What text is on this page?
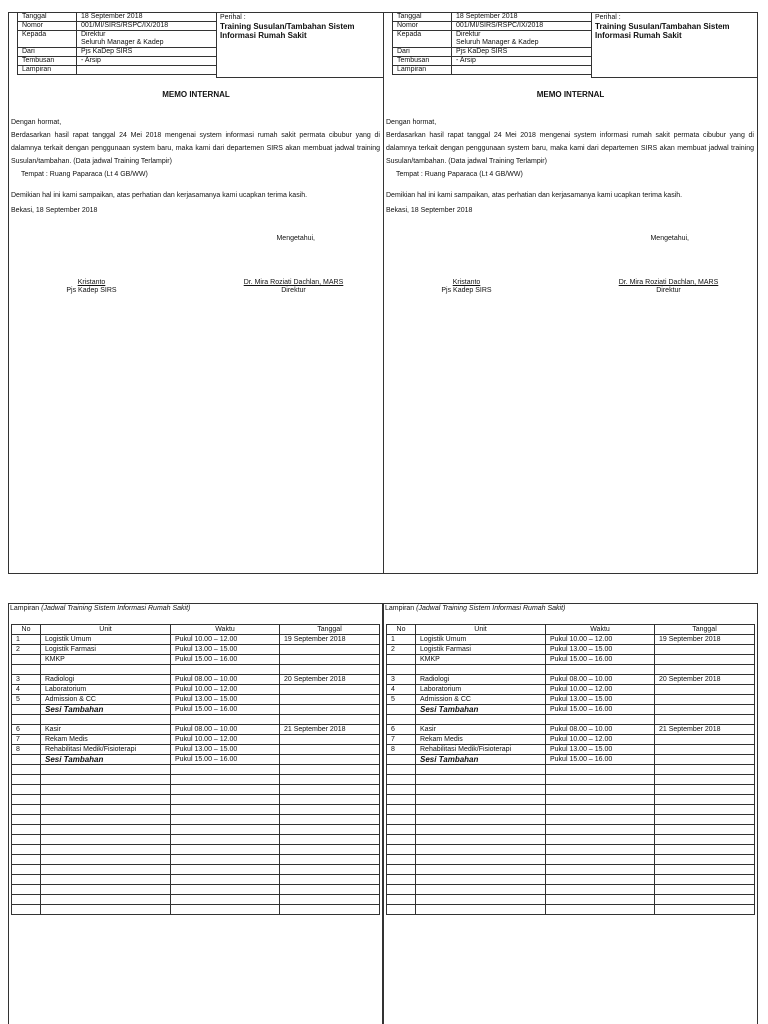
Tanggal	18 September 2018
Nomor	001/MI/SIRS/RSPC/IX/2018
Kepada	Direktur
Seluruh Manager & Kadep
Dari	Pjs KaDep SIRS
Tembusan	- Arsip
Lampiran	
Perihal :
Training Susulan/Tambahan Sistem Informasi Rumah Sakit
MEMO INTERNAL

Dengan hormat,

Berdasarkan hasil rapat tanggal 24 Mei 2018 mengenai system informasi rumah sakit permata cibubur yang di dalamnya terkait dengan penggunaan system baru, maka kami dari departemen SIRS akan membuat jadwal training Susulan/tambahan. (Data jadwal Training Terlampir)

Tempat : Ruang Paparaca (Lt 4 GB/WW)

Demikian hal ini kami sampaikan, atas perhatian dan kerjasamanya kami ucapkan terima kasih.

Bekasi, 18 September 2018

Mengetahui,
Kristanto
Pjs Kadep SIRS
Dr. Mira Roziati Dachlan, MARS
Direktur
Tanggal	18 September 2018
Nomor	001/MI/SIRS/RSPC/IX/2018
Kepada	Direktur
Seluruh Manager & Kadep
Dari	Pjs KaDep SIRS
Tembusan	- Arsip
Lampiran	
Perihal :
Training Susulan/Tambahan Sistem Informasi Rumah Sakit
MEMO INTERNAL

Dengan hormat,

Berdasarkan hasil rapat tanggal 24 Mei 2018 mengenai system informasi rumah sakit permata cibubur yang di dalamnya terkait dengan penggunaan system baru, maka kami dari departemen SIRS akan membuat jadwal training Susulan/tambahan. (Data jadwal Training Terlampir)

Tempat : Ruang Paparaca (Lt 4 GB/WW)

Demikian hal ini kami sampaikan, atas perhatian dan kerjasamanya kami ucapkan terima kasih.

Bekasi, 18 September 2018

Mengetahui,
Kristanto
Pjs Kadep SIRS
Dr. Mira Roziati Dachlan, MARS
Direktur
Lampiran (Jadwal Training Sistem Informasi Rumah Sakit)
No	Unit	Waktu	Tanggal
1	Logistik Umum	Pukul 10.00 – 12.00	19 September 2018
2	Logistik Farmasi	Pukul 13.00 – 15.00	
	KMKP	Pukul 15.00 – 16.00	

3	Radiologi	Pukul 08.00 – 10.00	20 September 2018
4	Laboratorium	Pukul 10.00 – 12.00	
5	Admission & CC	Pukul 13.00 – 15.00	
	Sesi Tambahan	Pukul 15.00 – 16.00	

6	Kasir	Pukul 08.00 – 10.00	21 September 2018
7	Rekam Medis	Pukul 10.00 – 12.00	
8	Rehabilitasi Medik/Fisioterapi	Pukul 13.00 – 15.00	
	Sesi Tambahan	Pukul 15.00 – 16.00	

Lampiran (Jadwal Training Sistem Informasi Rumah Sakit)
No	Unit	Waktu	Tanggal
1	Logistik Umum	Pukul 10.00 – 12.00	19 September 2018
2	Logistik Farmasi	Pukul 13.00 – 15.00	
	KMKP	Pukul 15.00 – 16.00	

3	Radiologi	Pukul 08.00 – 10.00	20 September 2018
4	Laboratorium	Pukul 10.00 – 12.00	
5	Admission & CC	Pukul 13.00 – 15.00	
	Sesi Tambahan	Pukul 15.00 – 16.00	

6	Kasir	Pukul 08.00 – 10.00	21 September 2018
7	Rekam Medis	Pukul 10.00 – 12.00	
8	Rehabilitasi Medik/Fisioterapi	Pukul 13.00 – 15.00	
	Sesi Tambahan	Pukul 15.00 – 16.00	
